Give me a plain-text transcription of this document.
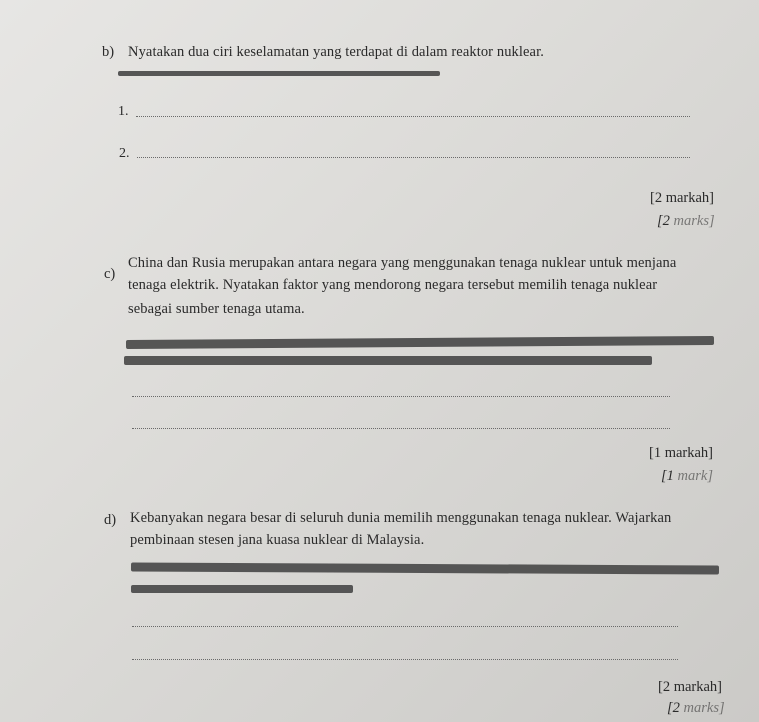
b) Nyatakan dua ciri keselamatan yang terdapat di dalam reaktor nuklear.
1.
2.
[2 markah]
[2 marks]
c)
China dan Rusia merupakan antara negara yang menggunakan tenaga nuklear untuk menjana
tenaga elektrik. Nyatakan faktor yang mendorong negara tersebut memilih tenaga nuklear
sebagai sumber tenaga utama.
[1 markah]
[1 mark]
d) Kebanyakan negara besar di seluruh dunia memilih menggunakan tenaga nuklear. Wajarkan
pembinaan stesen jana kuasa nuklear di Malaysia.
[2 markah]
[2 marks]
